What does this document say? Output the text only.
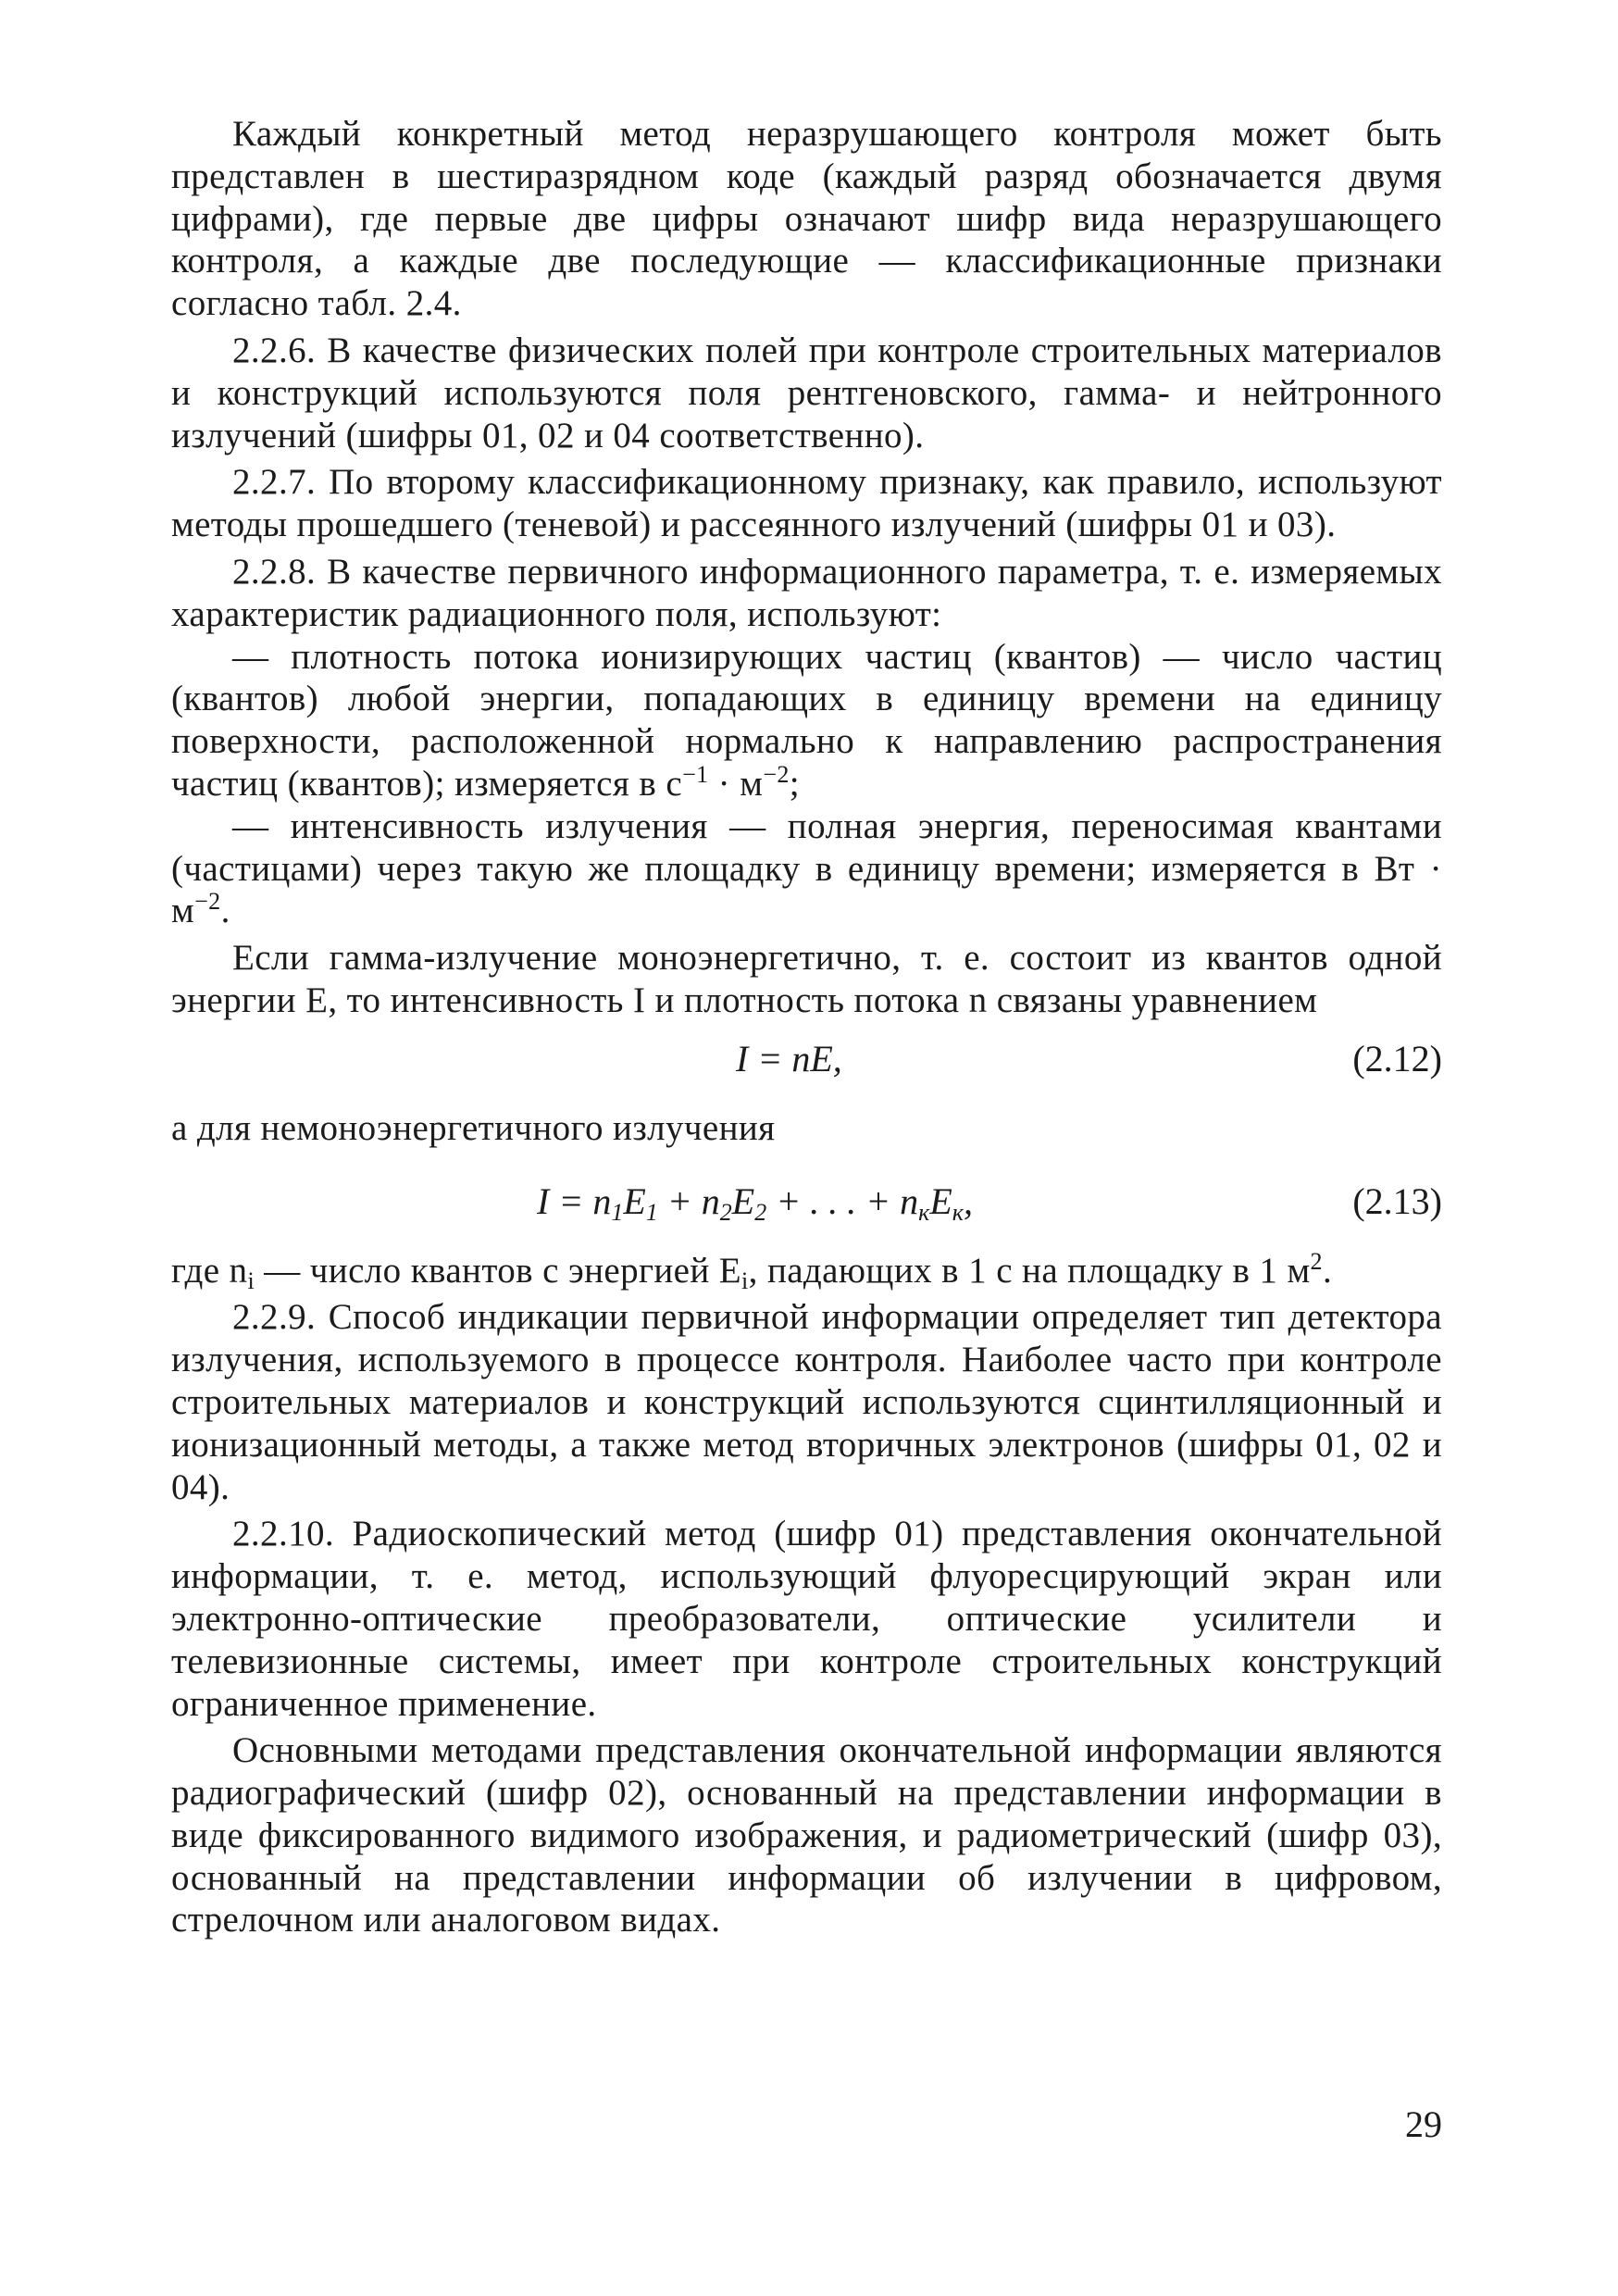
Каждый конкретный метод неразрушающего контроля может быть представлен в шестиразрядном коде (каждый разряд обозначается двумя цифрами), где первые две цифры означают шифр вида неразрушающего контроля, а каждые две последующие — классификационные признаки согласно табл. 2.4.

2.2.6. В качестве физических полей при контроле строительных материалов и конструкций используются поля рентгеновского, гамма- и нейтронного излучений (шифры 01, 02 и 04 соответственно).

2.2.7. По второму классификационному признаку, как правило, используют методы прошедшего (теневой) и рассеянного излучений (шифры 01 и 03).

2.2.8. В качестве первичного информационного параметра, т. е. измеряемых характеристик радиационного поля, используют:

— плотность потока ионизирующих частиц (квантов) — число частиц (квантов) любой энергии, попадающих в единицу времени на единицу поверхности, расположенной нормально к направлению распространения частиц (квантов); измеряется в $с^{-1} \cdot м^{-2}$;

— интенсивность излучения — полная энергия, переносимая квантами (частицами) через такую же площадку в единицу времени; измеряется в Вт · $м^{-2}$.

Если гамма-излучение моноэнергетично, т. е. состоит из квантов одной энергии E, то интенсивность I и плотность потока n связаны уравнением

I = nE,	(2.12)

а для немоноэнергетичного излучения

$I = n_1E_1 + n_2E_2$ + . . . + $n_кE_к$,	(2.13)

где $n_i$ — число квантов с энергией $E_i$, падающих в 1 с на площадку в 1 $м^2$.

2.2.9. Способ индикации первичной информации определяет тип детектора излучения, используемого в процессе контроля. Наиболее часто при контроле строительных материалов и конструкций используются сцинтилляционный и ионизационный методы, а также метод вторичных электронов (шифры 01, 02 и 04).

2.2.10. Радиоскопический метод (шифр 01) представления окончательной информации, т. е. метод, использующий флуоресцирующий экран или электронно-оптические преобразователи, оптические усилители и телевизионные системы, имеет при контроле строительных конструкций ограниченное применение.

Основными методами представления окончательной информации являются радиографический (шифр 02), основанный на представлении информации в виде фиксированного видимого изображения, и радиометрический (шифр 03), основанный на представлении информации об излучении в цифровом, стрелочном или аналоговом видах.

29
